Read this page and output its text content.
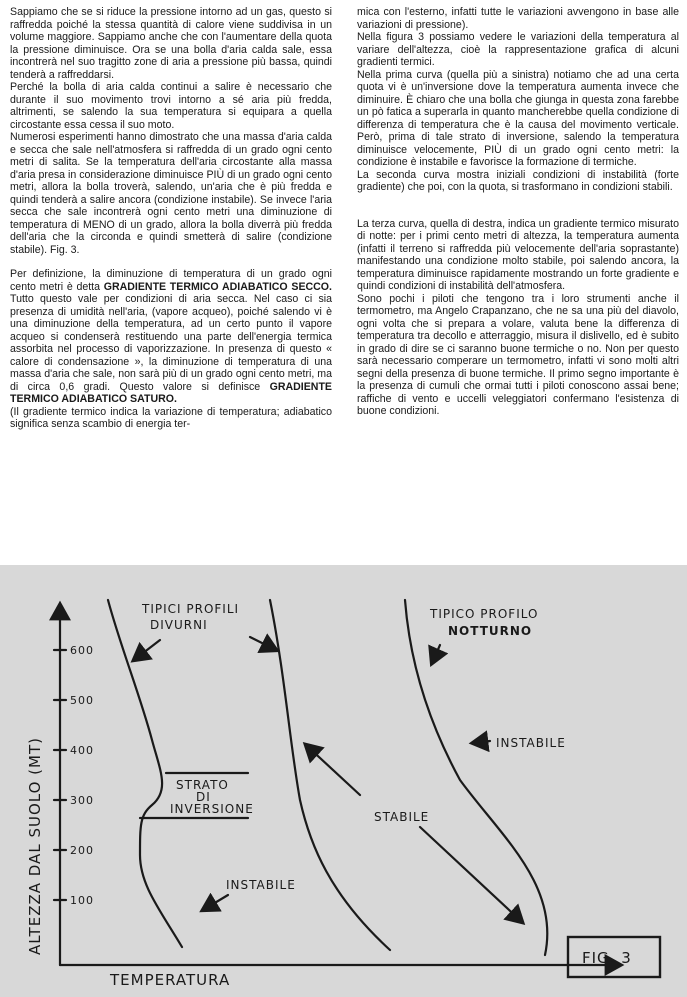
Sappiamo che se si riduce la pressione intorno ad un gas, questo si raffredda poiché la stessa quantità di calore viene suddivisa in un volume maggiore. Sappiamo anche che con l'aumentare della quota la pressione diminuisce. Ora se una bolla d'aria calda sale, essa incontrerà nel suo tragitto zone di aria a pressione più bassa, quindi tenderà a raffreddarsi.

Perché la bolla di aria calda continui a salire è necessario che durante il suo movimento trovi intorno a sé aria più fredda, altrimenti, se salendo la sua temperatura si equipara a quella circostante essa cessa il suo moto.

Numerosi esperimenti hanno dimostrato che una massa d'aria calda e secca che sale nell'atmosfera si raffredda di un grado ogni cento metri di salita. Se la temperatura dell'aria circostante alla massa d'aria presa in considerazione diminuisce PIÙ di un grado ogni cento metri, allora la bolla troverà, salendo, un'aria che è più fredda e quindi tenderà a salire ancora (condizione instabile). Se invece l'aria secca che sale incontrerà ogni cento metri una diminuzione di temperatura di MENO di un grado, allora la bolla diverrà più fredda dell'aria che la circonda e quindi smetterà di salire (condizione stabile). Fig. 3.

Per definizione, la diminuzione di temperatura di un grado ogni cento metri è detta GRADIENTE TERMICO ADIABATICO SECCO. Tutto questo vale per condizioni di aria secca. Nel caso ci sia presenza di umidità nell'aria, (vapore acqueo), poiché salendo vi è una diminuzione della temperatura, ad un certo punto il vapore acqueo si condenserà restituendo una parte dell'energia termica assorbita nel processo di vaporizzazione. In presenza di questo « calore di condensazione », la diminuzione di temperatura di una massa d'aria che sale, non sarà più di un grado ogni cento metri, ma di circa 0,6 gradi. Questo valore si definisce GRADIENTE TERMICO ADIABATICO SATURO.

(Il gradiente termico indica la variazione di temperatura; adiabatico significa senza scambio di energia ter-

mica con l'esterno, infatti tutte le variazioni avvengono in base alle variazioni di pressione).

Nella figura 3 possiamo vedere le variazioni della temperatura al variare dell'altezza, cioè la rappresentazione grafica di alcuni gradienti termici.

Nella prima curva (quella più a sinistra) notiamo che ad una certa quota vi è un'inversione dove la temperatura aumenta invece che diminuire. È chiaro che una bolla che giunga in questa zona farebbe un pò fatica a superarla in quanto mancherebbe quella condizione di differenza di temperatura che è la causa del movimento verticale. Però, prima di tale strato di inversione, salendo la temperatura diminuisce velocemente, PIÙ di un grado ogni cento metri: la condizione è instabile e favorisce la formazione di termiche.

La seconda curva mostra iniziali condizioni di instabilità (forte gradiente) che poi, con la quota, si trasformano in condizioni stabili.

La terza curva, quella di destra, indica un gradiente termico misurato di notte: per i primi cento metri di altezza, la temperatura aumenta (infatti il terreno si raffredda più velocemente dell'aria soprastante) manifestando una condizione molto stabile, poi salendo ancora, la temperatura diminuisce rapidamente mostrando un forte gradiente e quindi condizioni di instabilità dell'atmosfera.

Sono pochi i piloti che tengono tra i loro strumenti anche il termometro, ma Angelo Crapanzano, che ne sa una più del diavolo, ogni volta che si prepara a volare, valuta bene la differenza di temperatura tra decollo e atterraggio, misura il dislivello, ed è subito in grado di dire se ci saranno buone termiche o no. Non per questo sarà necessario comperare un termometro, infatti vi sono molti altri segni della presenza di buone termiche. Il primo segno importante è la presenza di cumuli che ormai tutti i piloti conoscono assai bene; raffiche di vento e uccelli veleggiatori confermano l'esistenza di buone condizioni.

600
500
400
300
200
100
TIPICI PROFILI
DIVURNI
TIPICO PROFILO
NOTTURNO
STRATO
DI
INVERSIONE
INSTABILE
STABILE
INSTABILE
TEMPERATURA
ALTEZZA DAL SUOLO (MT)
FIG. 3
